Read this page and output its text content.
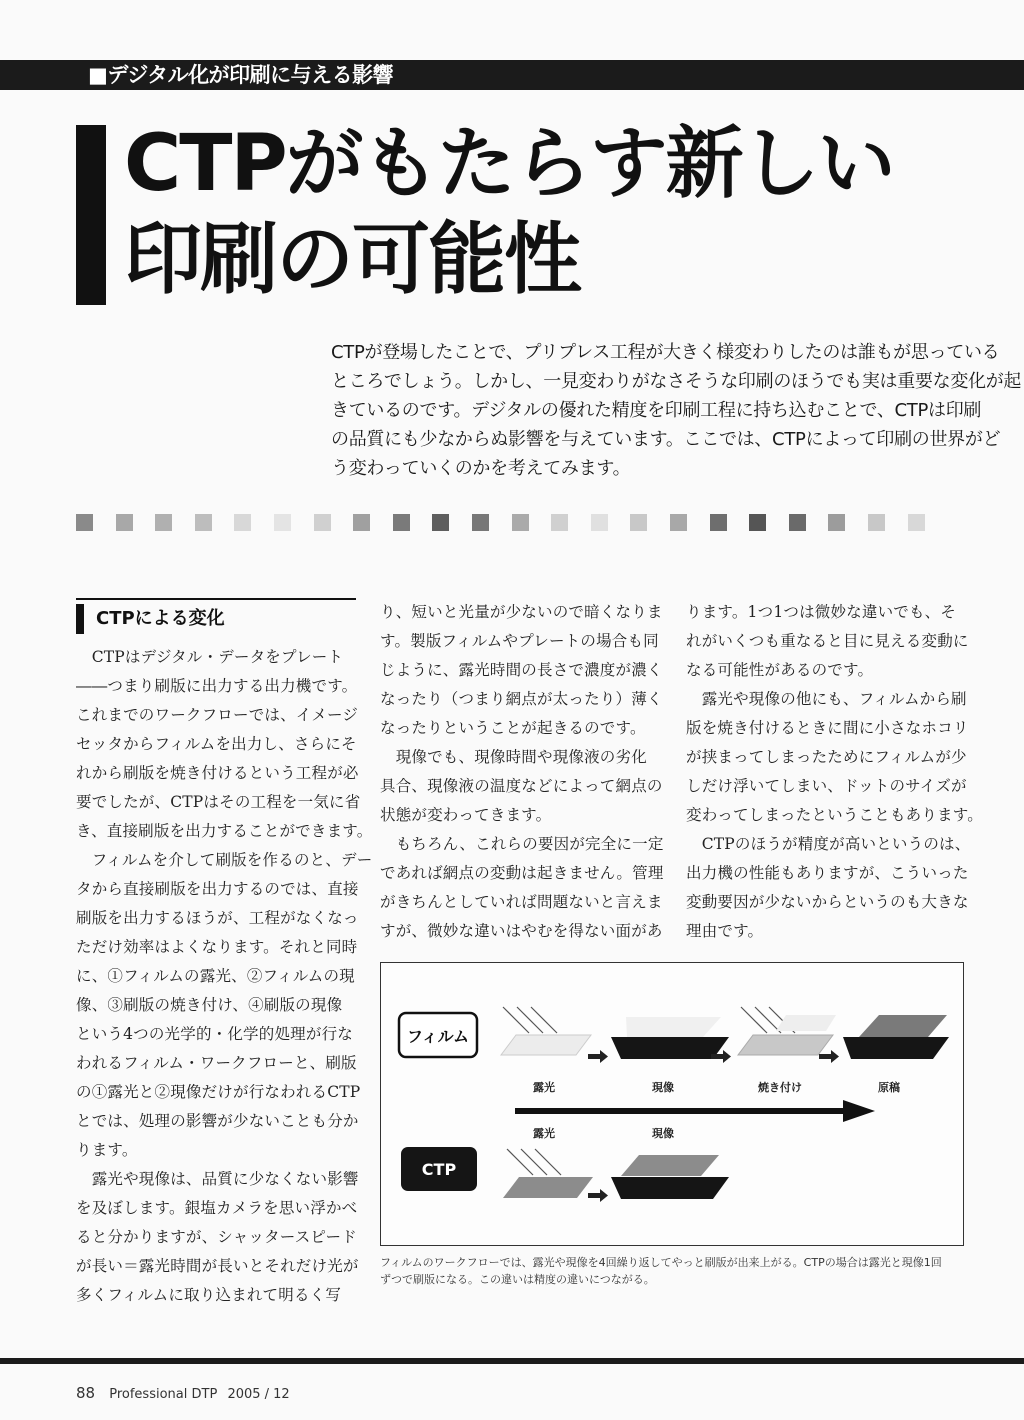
■デジタル化が印刷に与える影響
CTPがもたらす新しい
印刷の可能性

CTPが登場したことで、プリプレス工程が大きく様変わりしたのは誰もが思っている

ところでしょう。しかし、一見変わりがなさそうな印刷のほうでも実は重要な変化が起

きているのです。デジタルの優れた精度を印刷工程に持ち込むことで、CTPは印刷

の品質にも少なからぬ影響を与えています。ここでは、CTPによって印刷の世界がど

う変わっていくのかを考えてみます。

CTPによる変化

　CTPはデジタル・データをプレート

――つまり刷版に出力する出力機です。

これまでのワークフローでは、イメージ

セッタからフィルムを出力し、さらにそ

れから刷版を焼き付けるという工程が必

要でしたが、CTPはその工程を一気に省

き、直接刷版を出力することができます。

　フィルムを介して刷版を作るのと、デー

タから直接刷版を出力するのでは、直接

刷版を出力するほうが、工程がなくなっ

ただけ効率はよくなります。それと同時

に、①フィルムの露光、②フィルムの現

像、③刷版の焼き付け、④刷版の現像

という4つの光学的・化学的処理が行な

われるフィルム・ワークフローと、刷版

の①露光と②現像だけが行なわれるCTP

とでは、処理の影響が少ないことも分か

ります。

　露光や現像は、品質に少なくない影響

を及ぼします。銀塩カメラを思い浮かべ

ると分かりますが、シャッタースピード

が長い＝露光時間が長いとそれだけ光が

多くフィルムに取り込まれて明るく写

り、短いと光量が少ないので暗くなりま

す。製版フィルムやプレートの場合も同

じように、露光時間の長さで濃度が濃く

なったり（つまり網点が太ったり）薄く

なったりということが起きるのです。

　現像でも、現像時間や現像液の劣化

具合、現像液の温度などによって網点の

状態が変わってきます。

　もちろん、これらの要因が完全に一定

であれば網点の変動は起きません。管理

がきちんとしていれば問題ないと言えま

すが、微妙な違いはやむを得ない面があ

ります。1つ1つは微妙な違いでも、そ

れがいくつも重なると目に見える変動に

なる可能性があるのです。

　露光や現像の他にも、フィルムから刷

版を焼き付けるときに間に小さなホコリ

が挟まってしまったためにフィルムが少

しだけ浮いてしまい、ドットのサイズが

変わってしまったということもあります。

　CTPのほうが精度が高いというのは、

出力機の性能もありますが、こういった

変動要因が少ないからというのも大きな

理由です。

フィルム
露光	現像	焼き付け	原稿
露光	現像
CTP

フィルムのワークフローでは、露光や現像を4回繰り返してやっと刷版が出来上がる。CTPの場合は露光と現像1回

ずつで刷版になる。この違いは精度の違いにつながる。

88 Professional DTP 2005 / 12
